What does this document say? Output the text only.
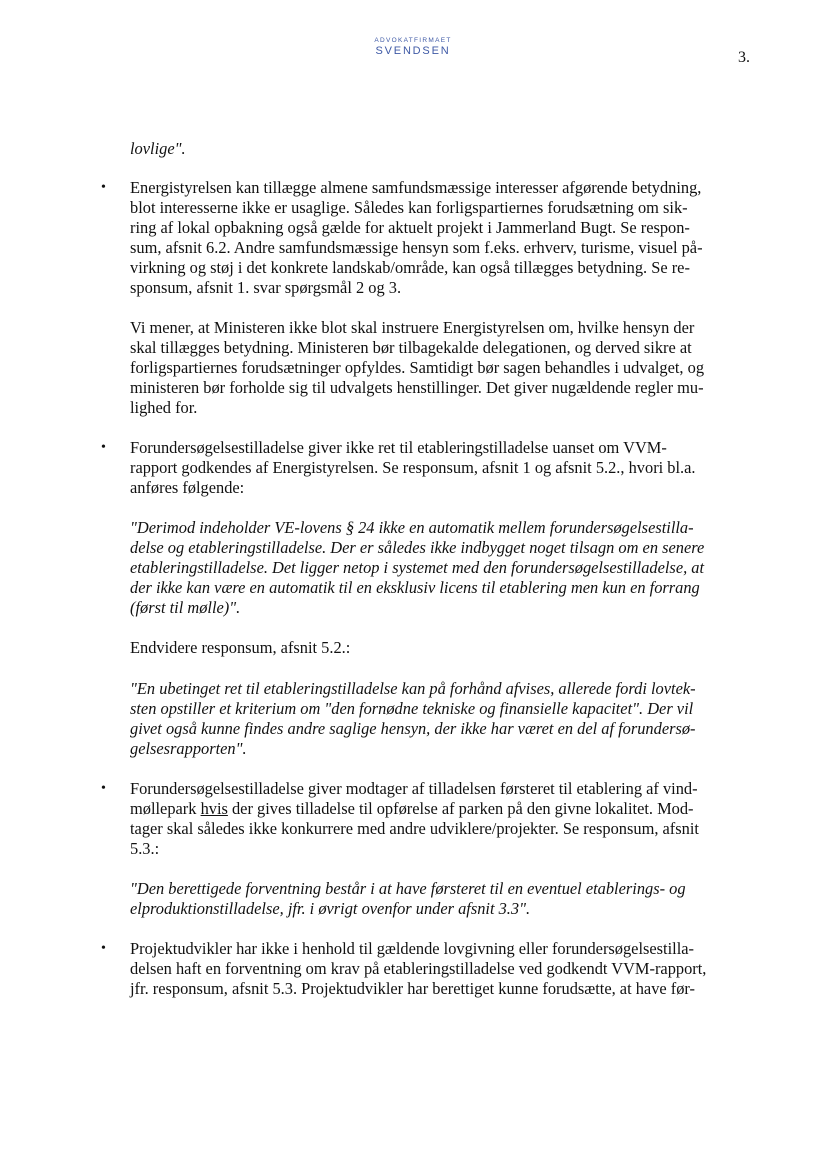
ADVOKATFIRMAET
SVENDSEN	3.

lovlige".

• Energistyrelsen kan tillægge almene samfundsmæssige interesser afgørende betydning,

blot interesserne ikke er usaglige. Således kan forligspartiernes forudsætning om sik-

ring af lokal opbakning også gælde for aktuelt projekt i Jammerland Bugt. Se respon-

sum, afsnit 6.2. Andre samfundsmæssige hensyn som f.eks. erhverv, turisme, visuel på-

virkning og støj i det konkrete landskab/område, kan også tillægges betydning. Se re-

sponsum, afsnit 1. svar spørgsmål 2 og 3.

Vi mener, at Ministeren ikke blot skal instruere Energistyrelsen om, hvilke hensyn der

skal tillægges betydning. Ministeren bør tilbagekalde delegationen, og derved sikre at

forligspartiernes forudsætninger opfyldes. Samtidigt bør sagen behandles i udvalget, og

ministeren bør forholde sig til udvalgets henstillinger. Det giver nugældende regler mu-

lighed for.

• Forundersøgelsestilladelse giver ikke ret til etableringstilladelse uanset om VVM-

rapport godkendes af Energistyrelsen. Se responsum, afsnit 1 og afsnit 5.2., hvori bl.a.

anføres følgende:

"Derimod indeholder VE-lovens § 24 ikke en automatik mellem forundersøgelsestilla-

delse og etableringstilladelse. Der er således ikke indbygget noget tilsagn om en senere

etableringstilladelse. Det ligger netop i systemet med den forundersøgelsestilladelse, at

der ikke kan være en automatik til en eksklusiv licens til etablering men kun en forrang

(først til mølle)".

Endvidere responsum, afsnit 5.2.:

"En ubetinget ret til etableringstilladelse kan på forhånd afvises, allerede fordi lovtek-

sten opstiller et kriterium om "den fornødne tekniske og finansielle kapacitet". Der vil

givet også kunne findes andre saglige hensyn, der ikke har været en del af forundersø-

gelsesrapporten".

• Forundersøgelsestilladelse giver modtager af tilladelsen førsteret til etablering af vind-

møllepark hvis der gives tilladelse til opførelse af parken på den givne lokalitet. Mod-

tager skal således ikke konkurrere med andre udviklere/projekter. Se responsum, afsnit

5.3.:

"Den berettigede forventning består i at have førsteret til en eventuel etablerings- og

elproduktionstilladelse, jfr. i øvrigt ovenfor under afsnit 3.3".

• Projektudvikler har ikke i henhold til gældende lovgivning eller forundersøgelsestilla-

delsen haft en forventning om krav på etableringstilladelse ved godkendt VVM-rapport,

jfr. responsum, afsnit 5.3. Projektudvikler har berettiget kunne forudsætte, at have før-
